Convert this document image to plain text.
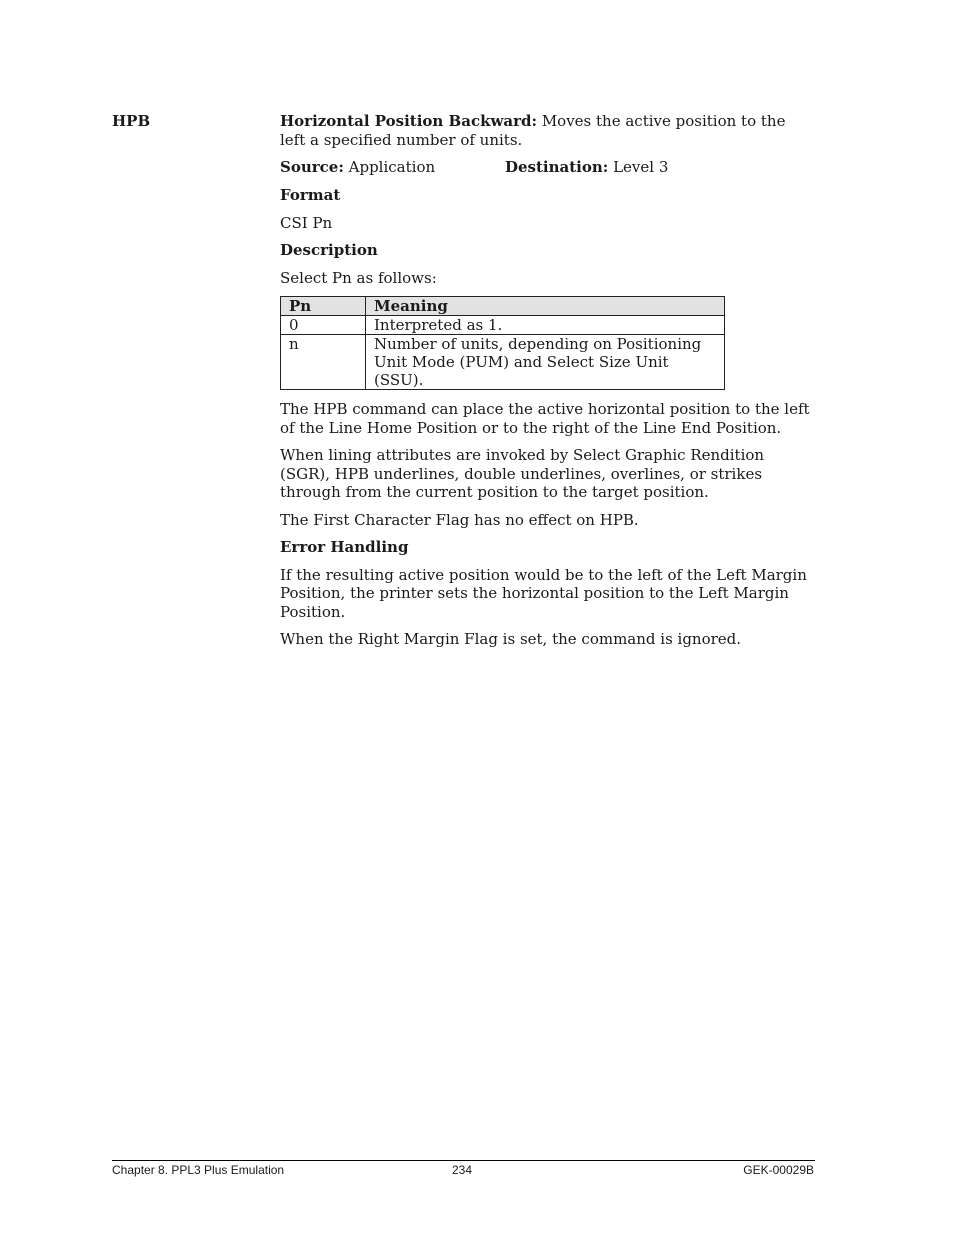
HPB	Horizontal Position Backward: Moves the active position to the left a specified number of units.

Source: Application	Destination: Level 3

Format

CSI Pn

Description

Select Pn as follows:

Pn	Meaning
0	Interpreted as 1.
n	Number of units, depending on Positioning Unit Mode (PUM) and Select Size Unit (SSU).

The HPB command can place the active horizontal position to the left of the Line Home Position or to the right of the Line End Position.

When lining attributes are invoked by Select Graphic Rendition (SGR), HPB underlines, double underlines, overlines, or strikes through from the current position to the target position.

The First Character Flag has no effect on HPB.

Error Handling

If the resulting active position would be to the left of the Left Margin Position, the printer sets the horizontal position to the Left Margin Position.

When the Right Margin Flag is set, the command is ignored.

Chapter 8. PPL3 Plus Emulation	234	GEK-00029B
